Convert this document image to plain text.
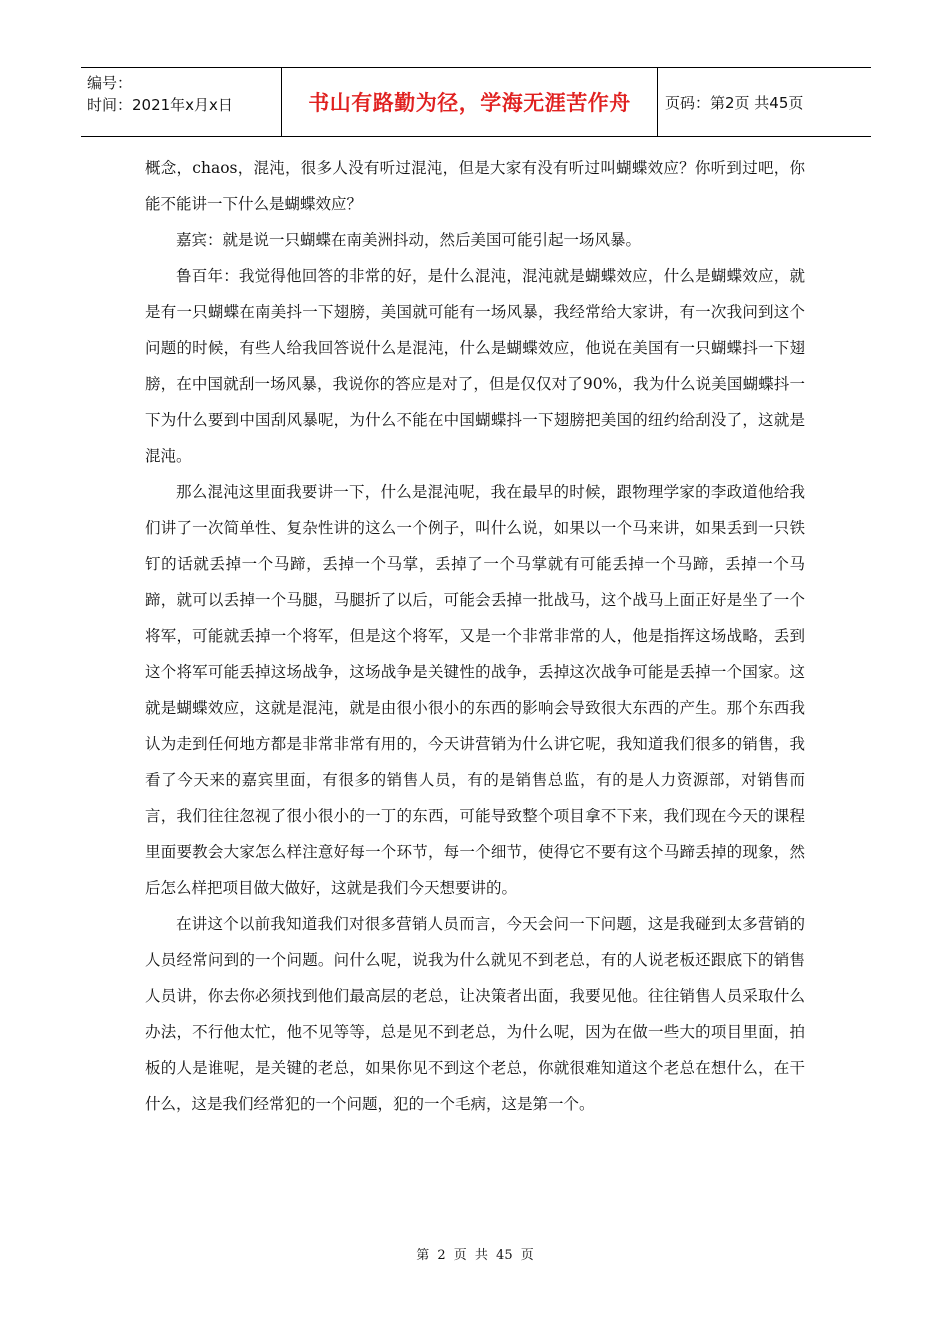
编号：
时间：2021年x月x日	书山有路勤为径，学海无涯苦作舟	页码：第2页 共45页

概念，chaos，混沌，很多人没有听过混沌，但是大家有没有听过叫蝴蝶效应？你听到过吧，你能不能讲一下什么是蝴蝶效应？

嘉宾：就是说一只蝴蝶在南美洲抖动，然后美国可能引起一场风暴。

鲁百年：我觉得他回答的非常的好，是什么混沌，混沌就是蝴蝶效应，什么是蝴蝶效应，就是有一只蝴蝶在南美抖一下翅膀，美国就可能有一场风暴，我经常给大家讲，有一次我问到这个问题的时候，有些人给我回答说什么是混沌，什么是蝴蝶效应，他说在美国有一只蝴蝶抖一下翅膀，在中国就刮一场风暴，我说你的答应是对了，但是仅仅对了90%，我为什么说美国蝴蝶抖一下为什么要到中国刮风暴呢，为什么不能在中国蝴蝶抖一下翅膀把美国的纽约给刮没了，这就是混沌。

那么混沌这里面我要讲一下，什么是混沌呢，我在最早的时候，跟物理学家的李政道他给我们讲了一次简单性、复杂性讲的这么一个例子，叫什么说，如果以一个马来讲，如果丢到一只铁钉的话就丢掉一个马蹄，丢掉一个马掌，丢掉了一个马掌就有可能丢掉一个马蹄，丢掉一个马蹄，就可以丢掉一个马腿，马腿折了以后，可能会丢掉一批战马，这个战马上面正好是坐了一个将军，可能就丢掉一个将军，但是这个将军，又是一个非常非常的人，他是指挥这场战略，丢到这个将军可能丢掉这场战争，这场战争是关键性的战争，丢掉这次战争可能是丢掉一个国家。这就是蝴蝶效应，这就是混沌，就是由很小很小的东西的影响会导致很大东西的产生。那个东西我认为走到任何地方都是非常非常有用的，今天讲营销为什么讲它呢，我知道我们很多的销售，我看了今天来的嘉宾里面，有很多的销售人员，有的是销售总监，有的是人力资源部，对销售而言，我们往往忽视了很小很小的一丁的东西，可能导致整个项目拿不下来，我们现在今天的课程里面要教会大家怎么样注意好每一个环节，每一个细节，使得它不要有这个马蹄丢掉的现象，然后怎么样把项目做大做好，这就是我们今天想要讲的。

在讲这个以前我知道我们对很多营销人员而言，今天会问一下问题，这是我碰到太多营销的人员经常问到的一个问题。问什么呢，说我为什么就见不到老总，有的人说老板还跟底下的销售人员讲，你去你必须找到他们最高层的老总，让决策者出面，我要见他。往往销售人员采取什么办法，不行他太忙，他不见等等，总是见不到老总，为什么呢，因为在做一些大的项目里面，拍板的人是谁呢，是关键的老总，如果你见不到这个老总，你就很难知道这个老总在想什么，在干什么，这是我们经常犯的一个问题，犯的一个毛病，这是第一个。

第 2 页 共 45 页
